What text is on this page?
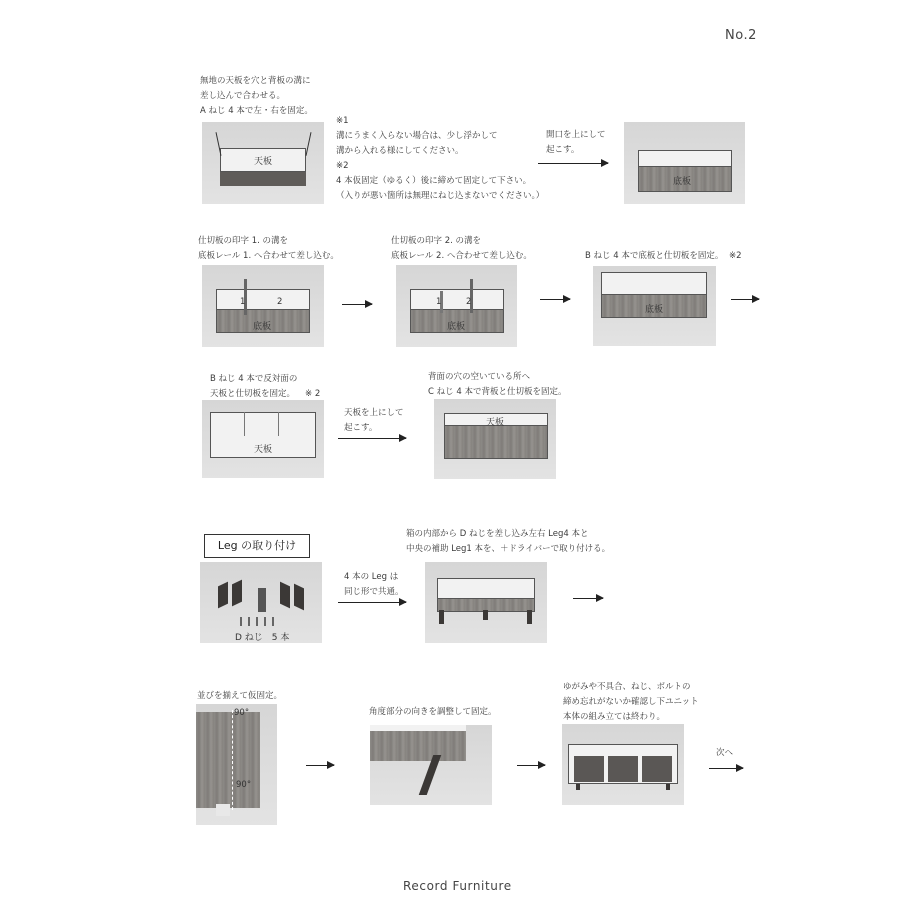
No.2
無地の天板を穴と背板の溝に
差し込んで合わせる。
A ねじ 4 本で左・右を固定。
天板
※1
溝にうまく入らない場合は、少し浮かして
溝から入れる様にしてください。
※2
4 本仮固定（ゆるく）後に締めて固定して下さい。
（入りが悪い箇所は無理にねじ込まないでください。）
開口を上にして
起こす。
底板
仕切板の印字 1. の溝を
底板レール 1. へ合わせて差し込む。
1	2
底板
仕切板の印字 2. の溝を
底板レール 2. へ合わせて差し込む。
1	2
底板
B ねじ 4 本で底板と仕切板を固定。 ※2
底板
B ねじ 4 本で反対面の
天板と仕切板を固定。 ※ 2
天板
天板を上にして
起こす。
背面の穴の空いている所へ
C ねじ 4 本で背板と仕切板を固定。
天板
Leg の取り付け
D ねじ　5 本
4 本の Leg は
同じ形で共通。
箱の内部から D ねじを差し込み左右 Leg4 本と
中央の補助 Leg1 本を、＋ドライバーで取り付ける。
並びを揃えて仮固定。
90°
90°
角度部分の向きを調整して固定。
ゆがみや不具合、ねじ、ボルトの
締め忘れがないか確認し下ユニット
本体の組み立ては終わり。
次へ
Record Furniture
